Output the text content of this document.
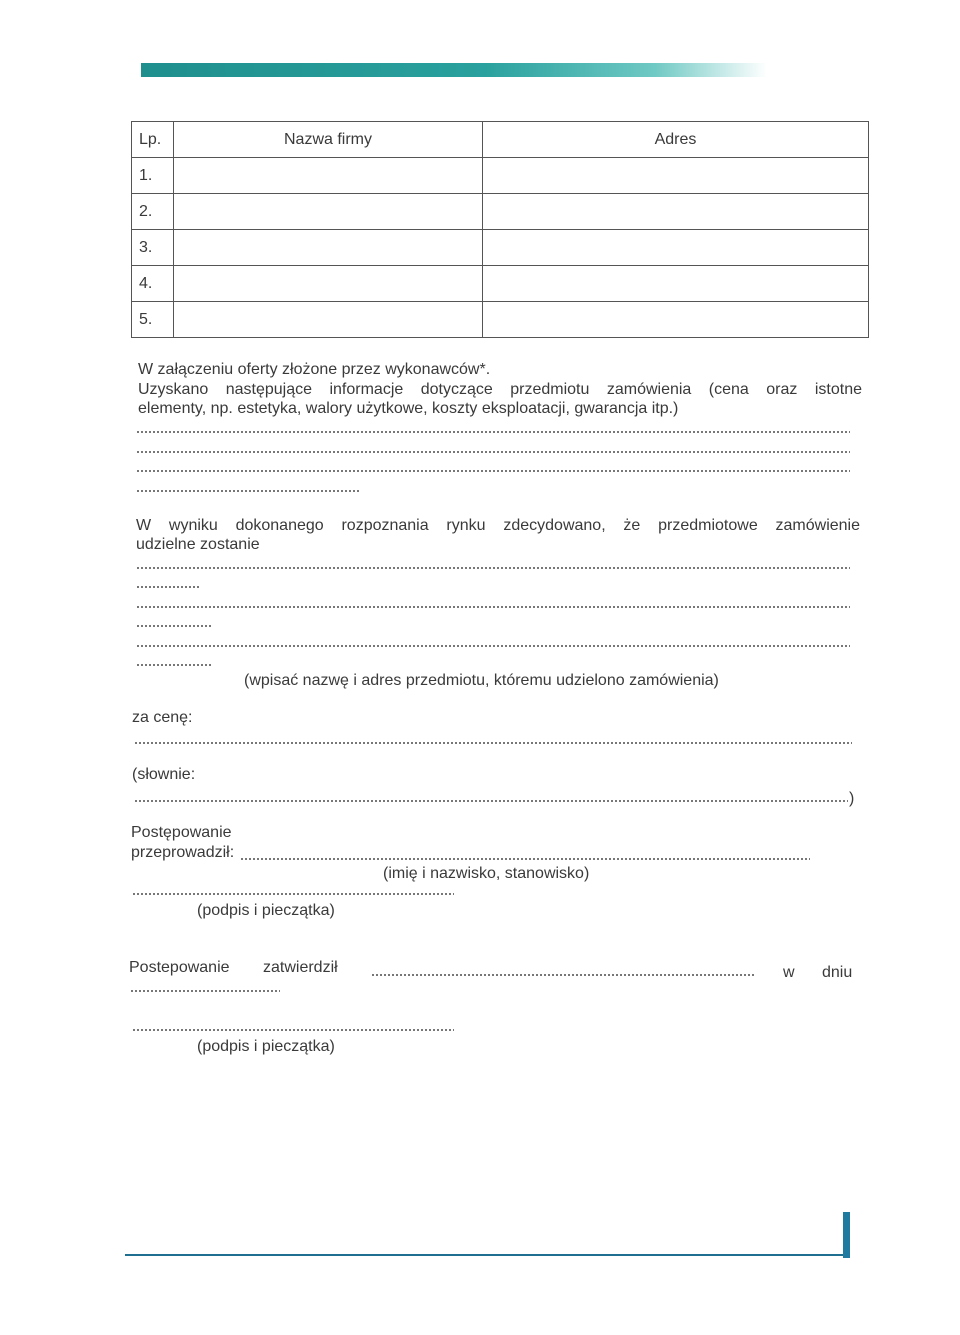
Lp.	Nazwa firmy	Adres
1.		
2.		
3.		
4.		
5.		
W załączeniu oferty złożone przez wykonawców*.
Uzyskano następujące informacje dotyczące przedmiotu zamówienia (cena oraz istotne
elementy, np. estetyka, walory użytkowe, koszty eksploatacji, gwarancja itp.)
W wyniku dokonanego rozpoznania rynku zdecydowano, że przedmiotowe zamówienie
udzielne zostanie
(wpisać nazwę i adres przedmiotu, któremu udzielono zamówienia)
za cenę:
(słownie:
)
Postępowanie
przeprowadził:
(imię i nazwisko, stanowisko)
(podpis i pieczątka)
Postepowanie zatwierdził	w dniu
(podpis i pieczątka)
